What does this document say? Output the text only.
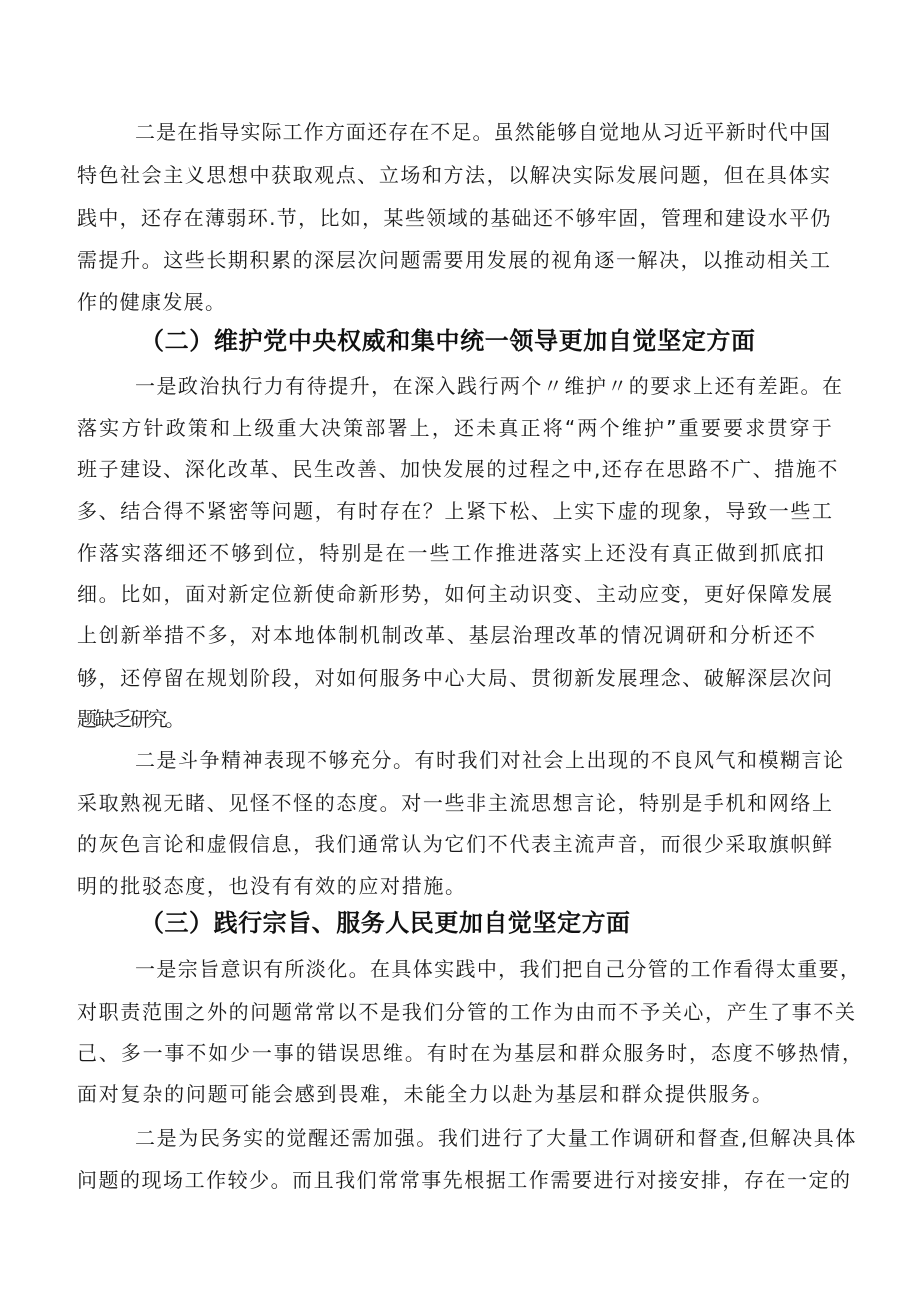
二是在指导实际工作方面还存在不足。虽然能够自觉地从习近平新时代中国
特色社会主义思想中获取观点、立场和方法，以解决实际发展问题，但在具体实
践中，还存在薄弱环.节，比如，某些领域的基础还不够牢固，管理和建设水平仍
需提升。这些长期积累的深层次问题需要用发展的视角逐一解决，以推动相关工
作的健康发展。
（二）维护党中央权威和集中统一领导更加自觉坚定方面
一是政治执行力有待提升，在深入践行两个〃维护〃的要求上还有差距。在
落实方针政策和上级重大决策部署上，还未真正将“两个维护”重要要求贯穿于
班子建设、深化改革、民生改善、加快发展的过程之中,还存在思路不广、措施不
多、结合得不紧密等问题，有时存在？上紧下松、上实下虚的现象，导致一些工
作落实落细还不够到位，特别是在一些工作推进落实上还没有真正做到抓底扣
细。比如，面对新定位新使命新形势，如何主动识变、主动应变，更好保障发展
上创新举措不多，对本地体制机制改革、基层治理改革的情况调研和分析还不
够，还停留在规划阶段，对如何服务中心大局、贯彻新发展理念、破解深层次问
题缺乏研究。
二是斗争精神表现不够充分。有时我们对社会上出现的不良风气和模糊言论
采取熟视无睹、见怪不怪的态度。对一些非主流思想言论，特别是手机和网络上
的灰色言论和虚假信息，我们通常认为它们不代表主流声音，而很少采取旗帜鲜
明的批驳态度，也没有有效的应对措施。
（三）践行宗旨、服务人民更加自觉坚定方面
一是宗旨意识有所淡化。在具体实践中，我们把自己分管的工作看得太重要，
对职责范围之外的问题常常以不是我们分管的工作为由而不予关心，产生了事不关
己、多一事不如少一事的错误思维。有时在为基层和群众服务时，态度不够热情，
面对复杂的问题可能会感到畏难，未能全力以赴为基层和群众提供服务。
二是为民务实的觉醒还需加强。我们进行了大量工作调研和督查,但解决具体
问题的现场工作较少。而且我们常常事先根据工作需要进行对接安排，存在一定的
